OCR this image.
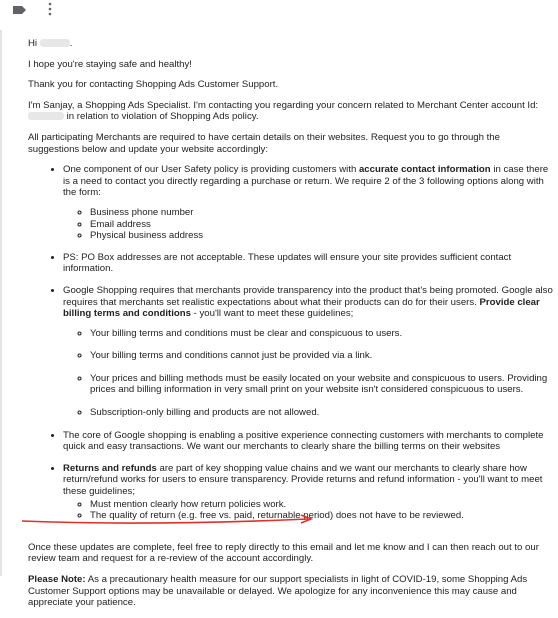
Hi	.

I hope you're staying safe and healthy!

Thank you for contacting Shopping Ads Customer Support.

I'm Sanjay, a Shopping Ads Specialist. I'm contacting you regarding your concern related to Merchant Center account Id:  in relation to violation of Shopping Ads policy.

All participating Merchants are required to have certain details on their websites. Request you to go through the suggestions below and update your website accordingly:

• One component of our User Safety policy is providing customers with accurate contact information in case there is a need to contact you directly regarding a purchase or return. We require 2 of the 3 following options along with the form:
◦ Business phone number
◦ Email address
◦ Physical business address
• PS: PO Box addresses are not acceptable. These updates will ensure your site provides sufficient contact information.
• Google Shopping requires that merchants provide transparency into the product that's being promoted. Google also requires that merchants set realistic expectations about what their products can do for their users. Provide clear billing terms and conditions - you'll want to meet these guidelines;
◦ Your billing terms and conditions must be clear and conspicuous to users.
◦ Your billing terms and conditions cannot just be provided via a link.
◦ Your prices and billing methods must be easily located on your website and conspicuous to users. Providing prices and billing information in very small print on your website isn't considered conspicuous to users.
◦ Subscription-only billing and products are not allowed.
• The core of Google shopping is enabling a positive experience connecting customers with merchants to complete quick and easy transactions. We want our merchants to clearly share the billing terms on their websites
• Returns and refunds are part of key shopping value chains and we want our merchants to clearly share how return/refund works for users to ensure transparency. Provide returns and refund information - you'll want to meet these guidelines;
◦ Must mention clearly how return policies work.
◦ The quality of return (e.g. free vs. paid, returnable period) does not have to be reviewed.

Once these updates are complete, feel free to reply directly to this email and let me know and I can then reach out to our review team and request for a re-review of the account accordingly.

Please Note: As a precautionary health measure for our support specialists in light of COVID-19, some Shopping Ads Customer Support options may be unavailable or delayed. We apologize for any inconvenience this may cause and appreciate your patience.
